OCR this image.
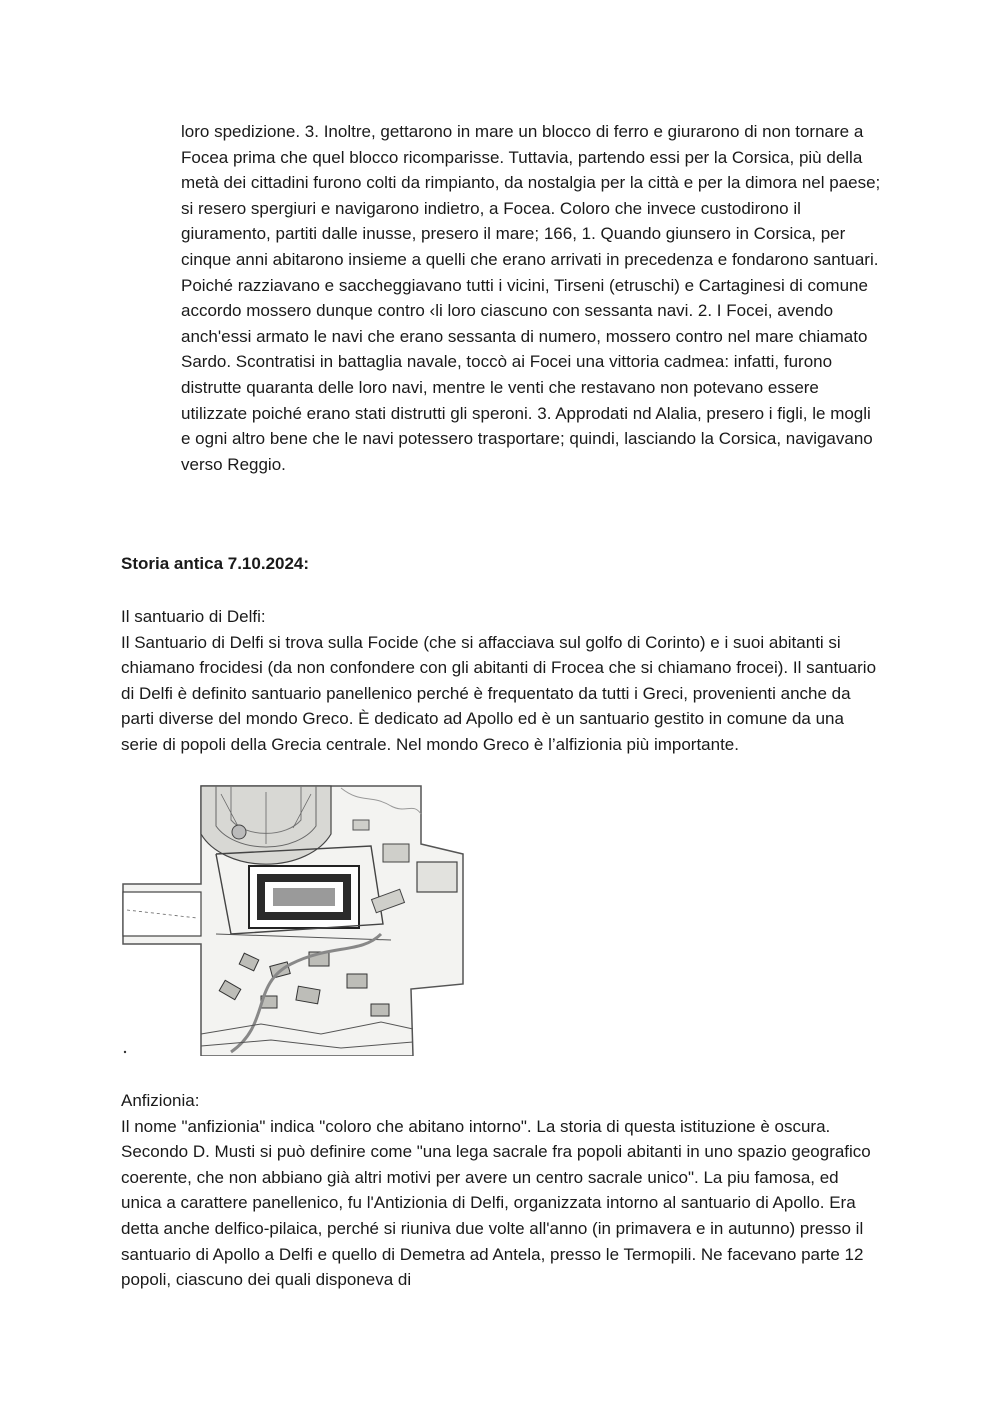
loro spedizione. 3. Inoltre, gettarono in mare un blocco di ferro e giurarono di non tornare a Focea prima che quel blocco ricomparisse. Tuttavia, partendo essi per la Corsica, più della metà dei cittadini furono colti da rimpianto, da nostalgia per la città e per la dimora nel paese; si resero spergiuri e navigarono indietro, a Focea. Coloro che invece custodirono il giuramento, partiti dalle inusse, presero il mare; 166, 1. Quando giunsero in Corsica, per cinque anni abitarono insieme a quelli che erano arrivati in precedenza e fondarono santuari. Poiché razziavano e saccheggiavano tutti i vicini, Tirseni (etruschi) e Cartaginesi di comune accordo mossero dunque contro ‹li loro ciascuno con sessanta navi. 2. I Focei, avendo anch'essi armato le navi che erano sessanta di numero, mossero contro nel mare chiamato Sardo. Scontratisi in battaglia navale, toccò ai Focei una vittoria cadmea: infatti, furono distrutte quaranta delle loro navi, mentre le venti che restavano non potevano essere utilizzate poiché erano stati distrutti gli speroni. 3. Approdati nd Alalia, presero i figli, le mogli e ogni altro bene che le navi potessero trasportare; quindi, lasciando la Corsica, navigavano verso Reggio.

Storia antica 7.10.2024:

Il santuario di Delfi:
Il Santuario di Delfi si trova sulla Focide (che si affacciava sul golfo di Corinto) e i suoi abitanti si chiamano frocidesi (da non confondere con gli abitanti di Frocea che si chiamano frocei). Il santuario di Delfi è definito santuario panellenico perché è frequentato da tutti i Greci, provenienti anche da parti diverse del mondo Greco. È dedicato ad Apollo ed è un santuario gestito in comune da una serie di popoli della Grecia centrale. Nel mondo Greco è l’alfizionia più importante.
Anfizionia:
Il nome "anfizionia" indica "coloro che abitano intorno". La storia di questa istituzione è oscura. Secondo D. Musti si può definire come "una lega sacrale fra popoli abitanti in uno spazio geografico coerente, che non abbiano già altri motivi per avere un centro sacrale unico". La piu famosa, ed unica a carattere panellenico, fu l'Antizionia di Delfi, organizzata intorno al santuario di Apollo. Era detta anche delfico-pilaica, perché si riuniva due volte all'anno (in primavera e in autunno) presso il santuario di Apollo a Delfi e quello di Demetra ad Antela, presso le Termopili. Ne facevano parte 12 popoli, ciascuno dei quali disponeva di
